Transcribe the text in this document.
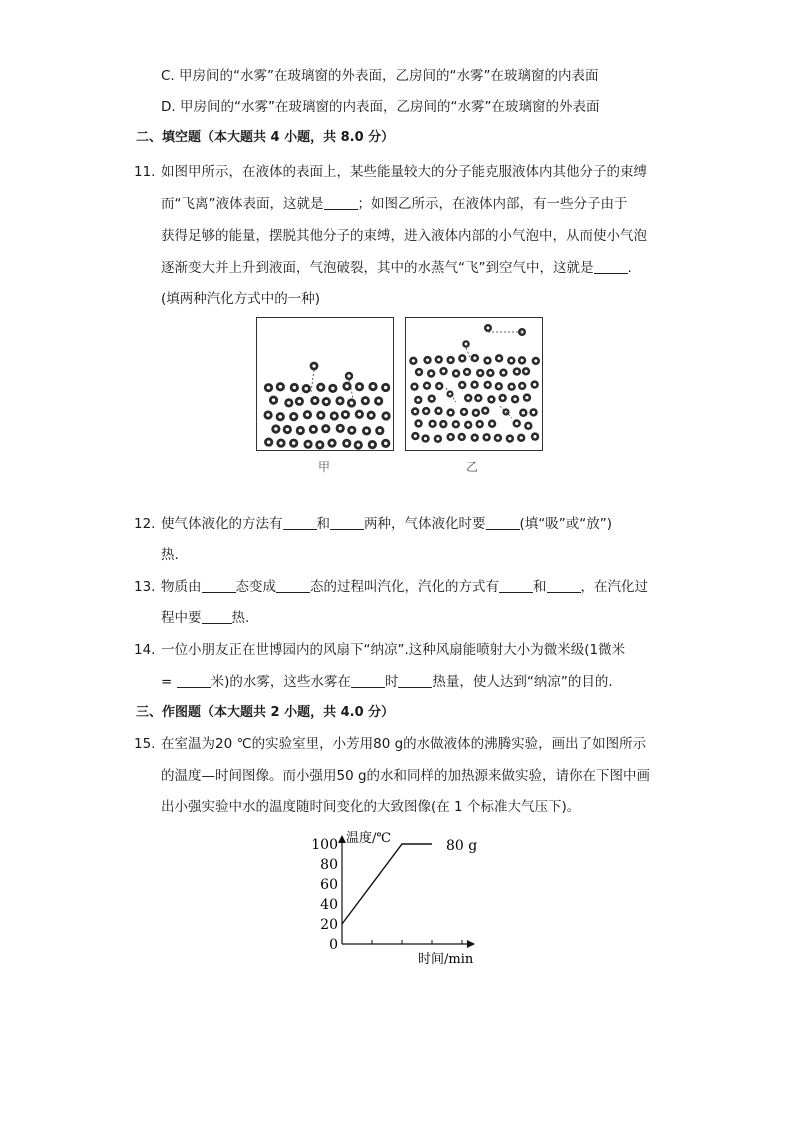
C. 甲房间的“水雾”在玻璃窗的外表面，乙房间的“水雾”在玻璃窗的内表面
D. 甲房间的“水雾”在玻璃窗的内表面，乙房间的“水雾”在玻璃窗的外表面
二、填空题（本大题共 4 小题，共 8.0 分）
11. 如图甲所示，在液体的表面上，某些能量较大的分子能克服液体内其他分子的束缚
而“飞离”液体表面，这就是	；如图乙所示，在液体内部，有一些分子由于
获得足够的能量，摆脱其他分子的束缚，进入液体内部的小气泡中，从而使小气泡
逐渐变大并上升到液面，气泡破裂，其中的水蒸气“飞”到空气中，这就是	.
(填两种汽化方式中的一种)
甲	乙
12. 使气体液化的方法有	和	两种，气体液化时要	(填“吸”或“放”)
热.
13. 物质由	态变成	态的过程叫汽化，汽化的方式有	和	，在汽化过
程中要 热.
14. 一位小朋友正在世博园内的风扇下“纳凉”.这种风扇能喷射大小为微米级(1微米
=	米)的水雾，这些水雾在	时	热量，使人达到“纳凉”的目的.
三、作图题（本大题共 2 小题，共 4.0 分）
15. 在室温为20 ℃的实验室里，小芳用80 g的水做液体的沸腾实验，画出了如图所示
的温度—时间图像。而小强用50 g的水和同样的加热源来做实验，请你在下图中画
出小强实验中水的温度随时间变化的大致图像(在 1 个标准大气压下)。
温度/℃
时间/min
0
20
40
60
80
100	80 g
